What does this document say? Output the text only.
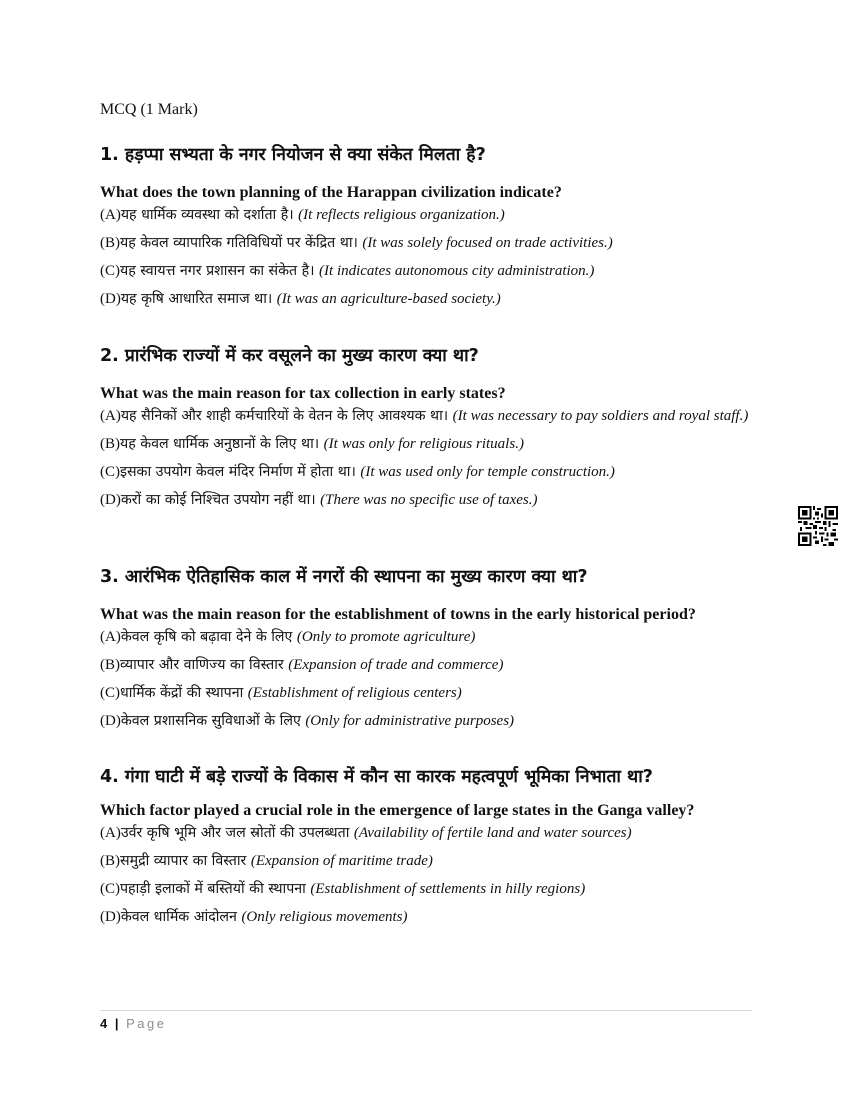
MCQ (1 Mark)

1. हड़प्पा सभ्यता के नगर नियोजन से क्या संकेत मिलता है?

What does the town planning of the Harappan civilization indicate?

(A)यह धार्मिक व्यवस्था को दर्शाता है। (It reflects religious organization.)

(B)यह केवल व्यापारिक गतिविधियों पर केंद्रित था। (It was solely focused on trade activities.)

(C)यह स्वायत्त नगर प्रशासन का संकेत है। (It indicates autonomous city administration.)

(D)यह कृषि आधारित समाज था। (It was an agriculture-based society.)

2. प्रारंभिक राज्यों में कर वसूलने का मुख्य कारण क्या था?

What was the main reason for tax collection in early states?

(A)यह सैनिकों और शाही कर्मचारियों के वेतन के लिए आवश्यक था। (It was necessary to pay soldiers and royal staff.)

(B)यह केवल धार्मिक अनुष्ठानों के लिए था। (It was only for religious rituals.)

(C)इसका उपयोग केवल मंदिर निर्माण में होता था। (It was used only for temple construction.)

(D)करों का कोई निश्चित उपयोग नहीं था। (There was no specific use of taxes.)

3. आरंभिक ऐतिहासिक काल में नगरों की स्थापना का मुख्य कारण क्या था?

What was the main reason for the establishment of towns in the early historical period?

(A)केवल कृषि को बढ़ावा देने के लिए (Only to promote agriculture)

(B)व्यापार और वाणिज्य का विस्तार (Expansion of trade and commerce)

(C)धार्मिक केंद्रों की स्थापना (Establishment of religious centers)

(D)केवल प्रशासनिक सुविधाओं के लिए (Only for administrative purposes)

4. गंगा घाटी में बड़े राज्यों के विकास में कौन सा कारक महत्वपूर्ण भूमिका निभाता था?

Which factor played a crucial role in the emergence of large states in the Ganga valley?

(A)उर्वर कृषि भूमि और जल स्रोतों की उपलब्धता (Availability of fertile land and water sources)

(B)समुद्री व्यापार का विस्तार (Expansion of maritime trade)

(C)पहाड़ी इलाकों में बस्तियों की स्थापना (Establishment of settlements in hilly regions)

(D)केवल धार्मिक आंदोलन (Only religious movements)

4 | Page
